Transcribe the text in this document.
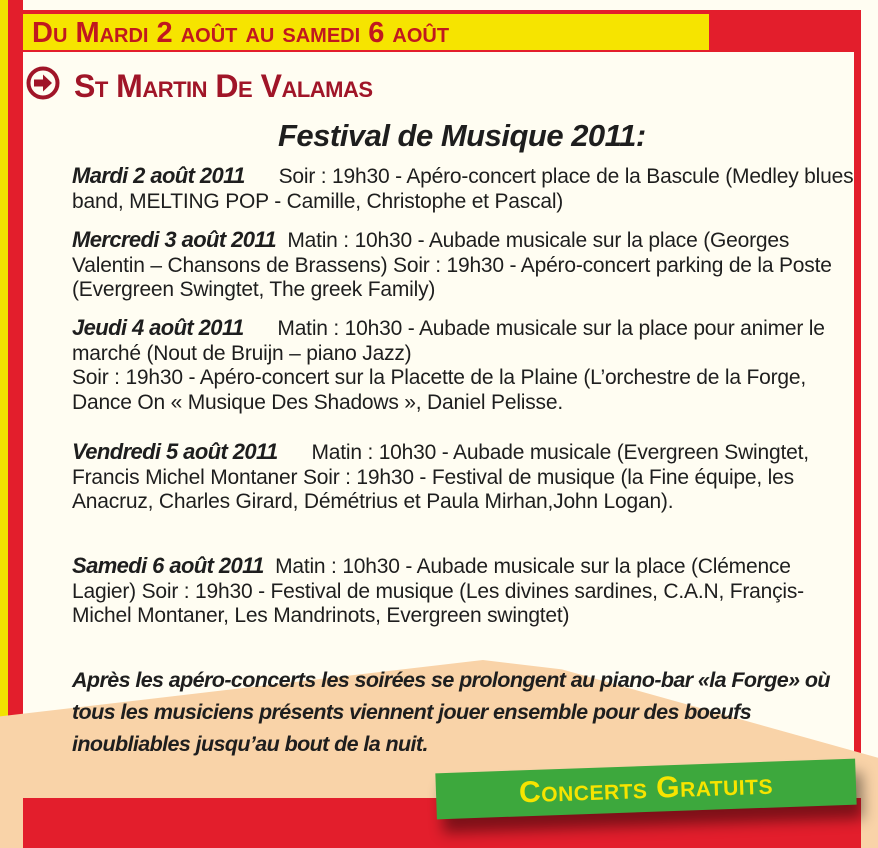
Du Mardi 2 août au samedi 6 août
St Martin De Valamas
Festival de Musique 2011:
Mardi 2 août 2011 Soir : 19h30 - Apéro-concert place de la Bascule (Medley blues band, MELTING POP - Camille, Christophe et Pascal)
Mercredi 3 août 2011 Matin : 10h30 - Aubade musicale sur la place (Georges Valentin – Chansons de Brassens) Soir : 19h30 - Apéro-concert parking de la Poste (Evergreen Swingtet, The greek Family)
Jeudi 4 août 2011 Matin : 10h30 - Aubade musicale sur la place pour animer le marché (Nout de Bruijn – piano Jazz)
Soir : 19h30 - Apéro-concert sur la Placette de la Plaine (L’orchestre de la Forge, Dance On « Musique Des Shadows », Daniel Pelisse.
Vendredi 5 août 2011 Matin : 10h30 - Aubade musicale (Evergreen Swingtet, Francis Michel Montaner Soir : 19h30 - Festival de musique (la Fine équipe, les Anacruz, Charles Girard, Démétrius et Paula Mirhan,John Logan).
Samedi 6 août 2011 Matin : 10h30 - Aubade musicale sur la place (Clémence Lagier) Soir : 19h30 - Festival de musique (Les divines sardines, C.A.N, Françis-Michel Montaner, Les Mandrinots, Evergreen swingtet)
Après les apéro-concerts les soirées se prolongent au piano-bar «la Forge» où tous les musiciens présents viennent jouer ensemble pour des boeufs inoubliables jusqu’au bout de la nuit.
Concerts Gratuits
